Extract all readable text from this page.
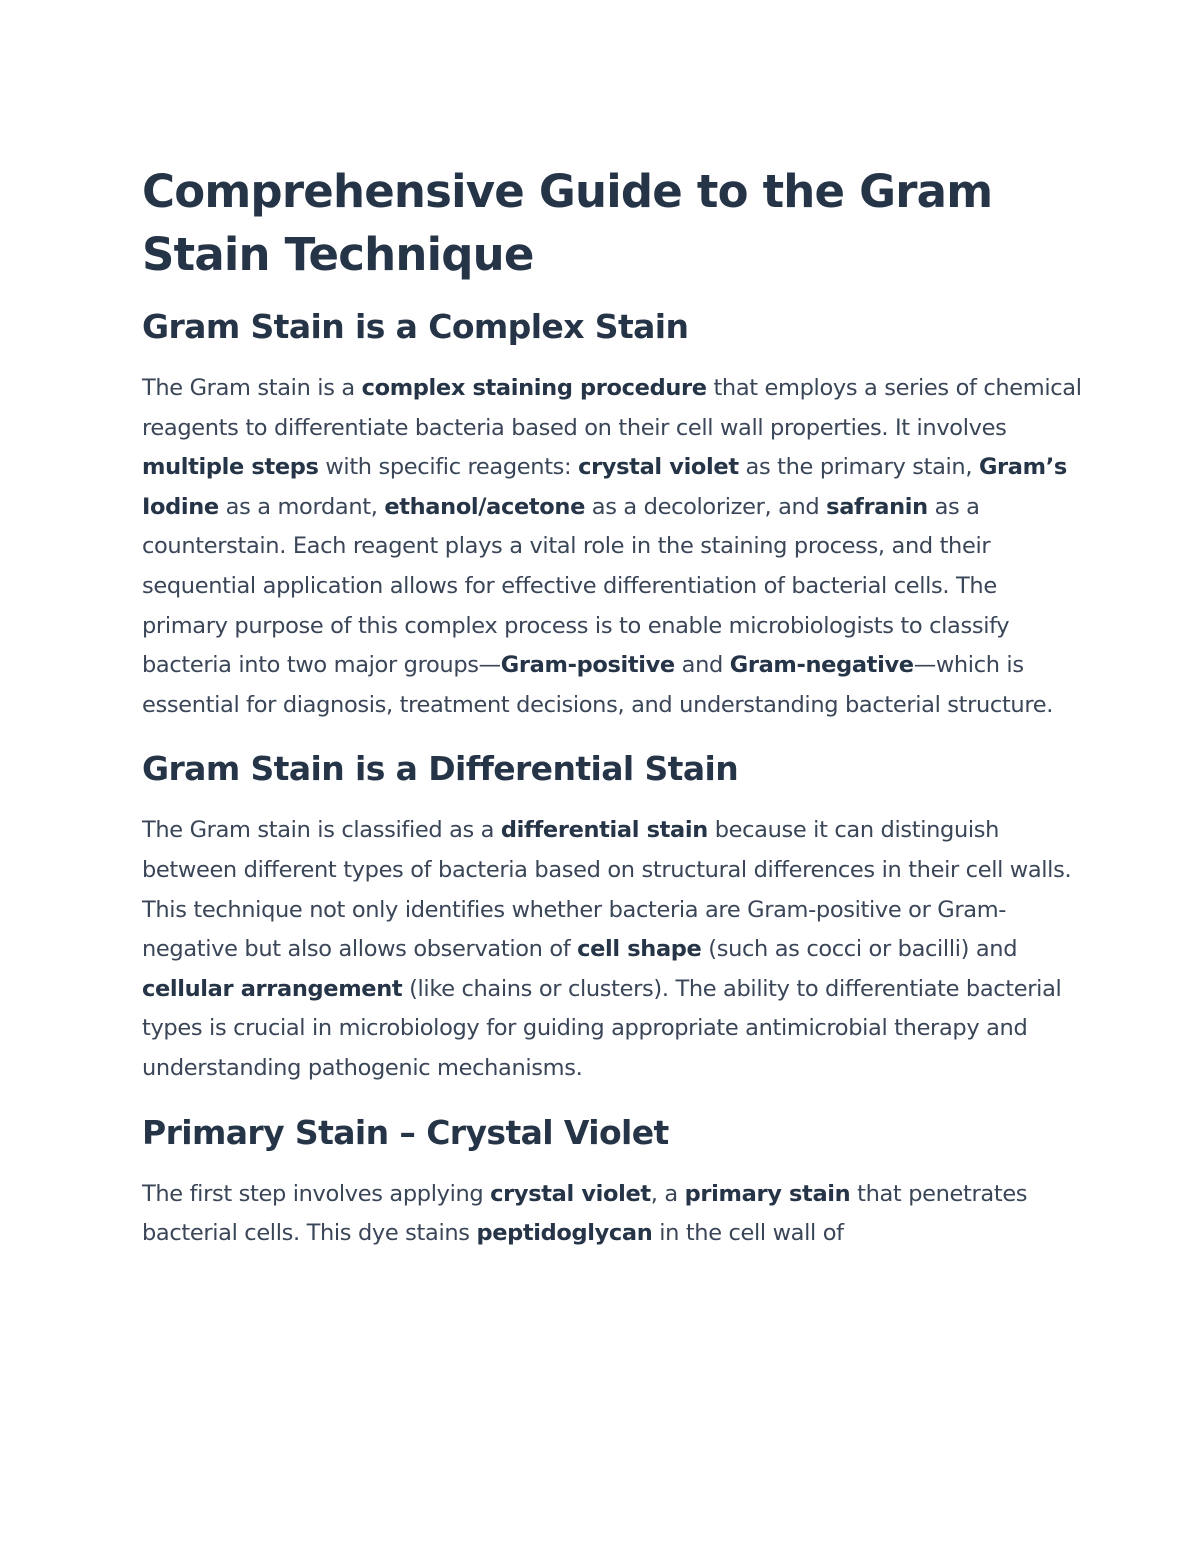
Comprehensive Guide to the Gram Stain Technique
Gram Stain is a Complex Stain

The Gram stain is a complex staining procedure that employs a series of chemical reagents to differentiate bacteria based on their cell wall properties. It involves multiple steps with specific reagents: crystal violet as the primary stain, Gram’s Iodine as a mordant, ethanol/acetone as a decolorizer, and safranin as a counterstain. Each reagent plays a vital role in the staining process, and their sequential application allows for effective differentiation of bacterial cells. The primary purpose of this complex process is to enable microbiologists to classify bacteria into two major groups—Gram-positive and Gram-negative—which is essential for diagnosis, treatment decisions, and understanding bacterial structure.

Gram Stain is a Differential Stain

The Gram stain is classified as a differential stain because it can distinguish between different types of bacteria based on structural differences in their cell walls. This technique not only identifies whether bacteria are Gram-positive or Gram-negative but also allows observation of cell shape (such as cocci or bacilli) and cellular arrangement (like chains or clusters). The ability to differentiate bacterial types is crucial in microbiology for guiding appropriate antimicrobial therapy and understanding pathogenic mechanisms.

Primary Stain – Crystal Violet

The first step involves applying crystal violet, a primary stain that penetrates bacterial cells. This dye stains peptidoglycan in the cell wall of
